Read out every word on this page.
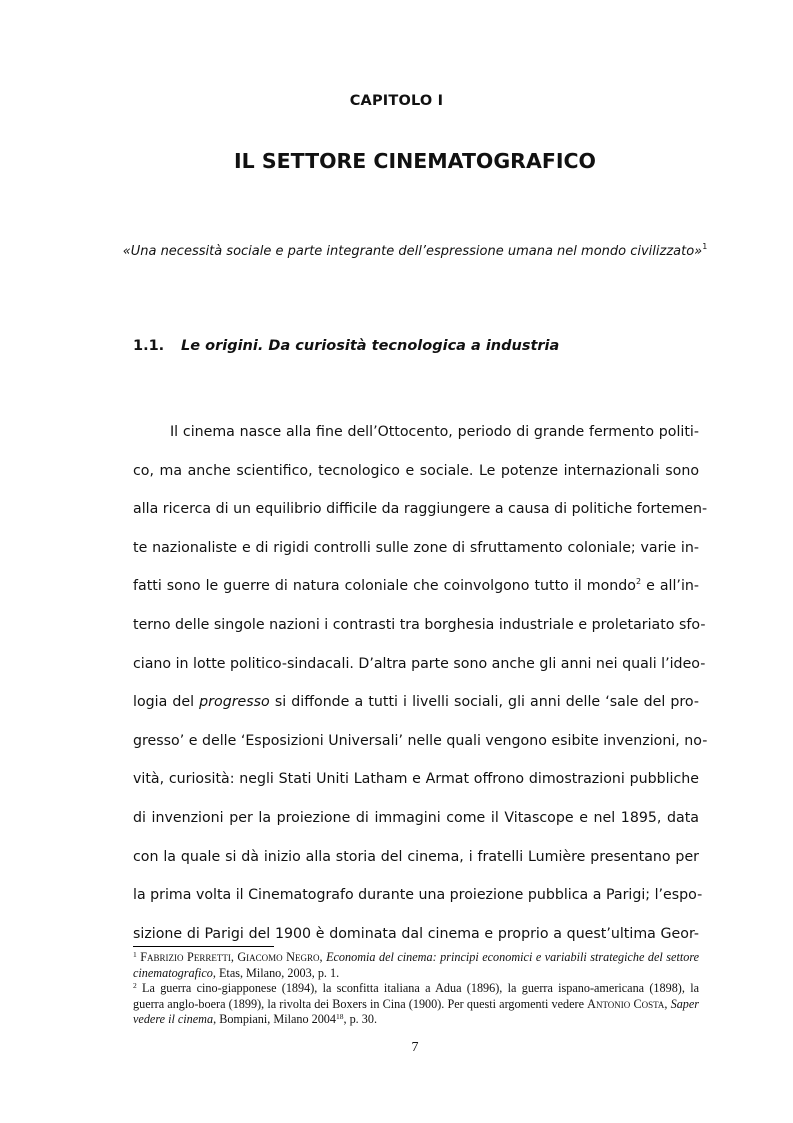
CAPITOLO I
IL SETTORE CINEMATOGRAFICO
«Una necessità sociale e parte integrante dell’espressione umana nel mondo civilizzato»$^1$
1.1. Le origini. Da curiosità tecnologica a industria
Il cinema nasce alla fine dell’Ottocento, periodo di grande fermento politi-
co, ma anche scientifico, tecnologico e sociale. Le potenze internazionali sono
alla ricerca di un equilibrio difficile da raggiungere a causa di politiche fortemen-
te nazionaliste e di rigidi controlli sulle zone di sfruttamento coloniale; varie in-
fatti sono le guerre di natura coloniale che coinvolgono tutto il mondo$^2$ e all’in-
terno delle singole nazioni i contrasti tra borghesia industriale e proletariato sfo-
ciano in lotte politico-sindacali. D’altra parte sono anche gli anni nei quali l’ideo-
logia del progresso si diffonde a tutti i livelli sociali, gli anni delle ‘sale del pro-
gresso’ e delle ‘Esposizioni Universali’ nelle quali vengono esibite invenzioni, no-
vità, curiosità: negli Stati Uniti Latham e Armat offrono dimostrazioni pubbliche
di invenzioni per la proiezione di immagini come il Vitascope e nel 1895, data
con la quale si dà inizio alla storia del cinema, i fratelli Lumière presentano per
la prima volta il Cinematografo durante una proiezione pubblica a Parigi; l’espo-
sizione di Parigi del 1900 è dominata dal cinema e proprio a quest’ultima Geor-
$^1$ Fabrizio Perretti, Giacomo Negro, Economia del cinema: principi economici e variabili strategiche del settore cinematografico, Etas, Milano, 2003, p. 1.
$^2$ La guerra cino-giapponese (1894), la sconfitta italiana a Adua (1896), la guerra ispano-americana (1898), la guerra anglo-boera (1899), la rivolta dei Boxers in Cina (1900). Per questi argomenti vedere Antonio Costa, Saper vedere il cinema, Bompiani, Milano 2004$^{18}$, p. 30.
7
